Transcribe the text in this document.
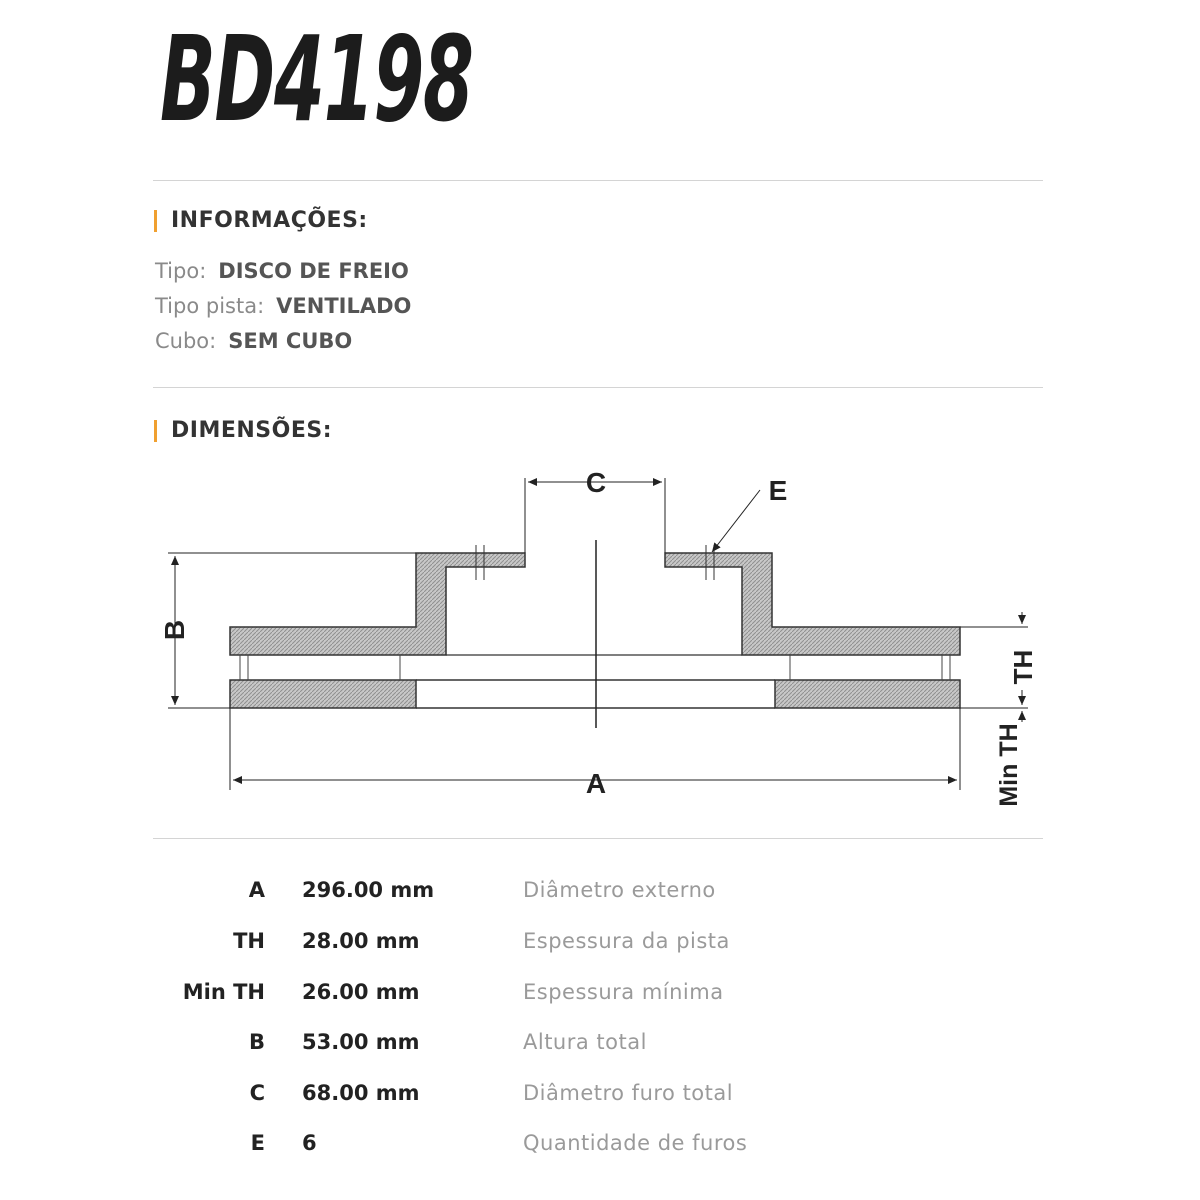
BD4198
INFORMAÇÕES:
Tipo: DISCO DE FREIO
Tipo pista: VENTILADO
Cubo: SEM CUBO
DIMENSÕES:
C	E
B
A
TH
Min TH
A 296.00 mm	Diâmetro externo
TH 28.00 mm	Espessura da pista
Min TH 26.00 mm	Espessura mínima
B 53.00 mm	Altura total
C 68.00 mm	Diâmetro furo total
E 6	Quantidade de furos
